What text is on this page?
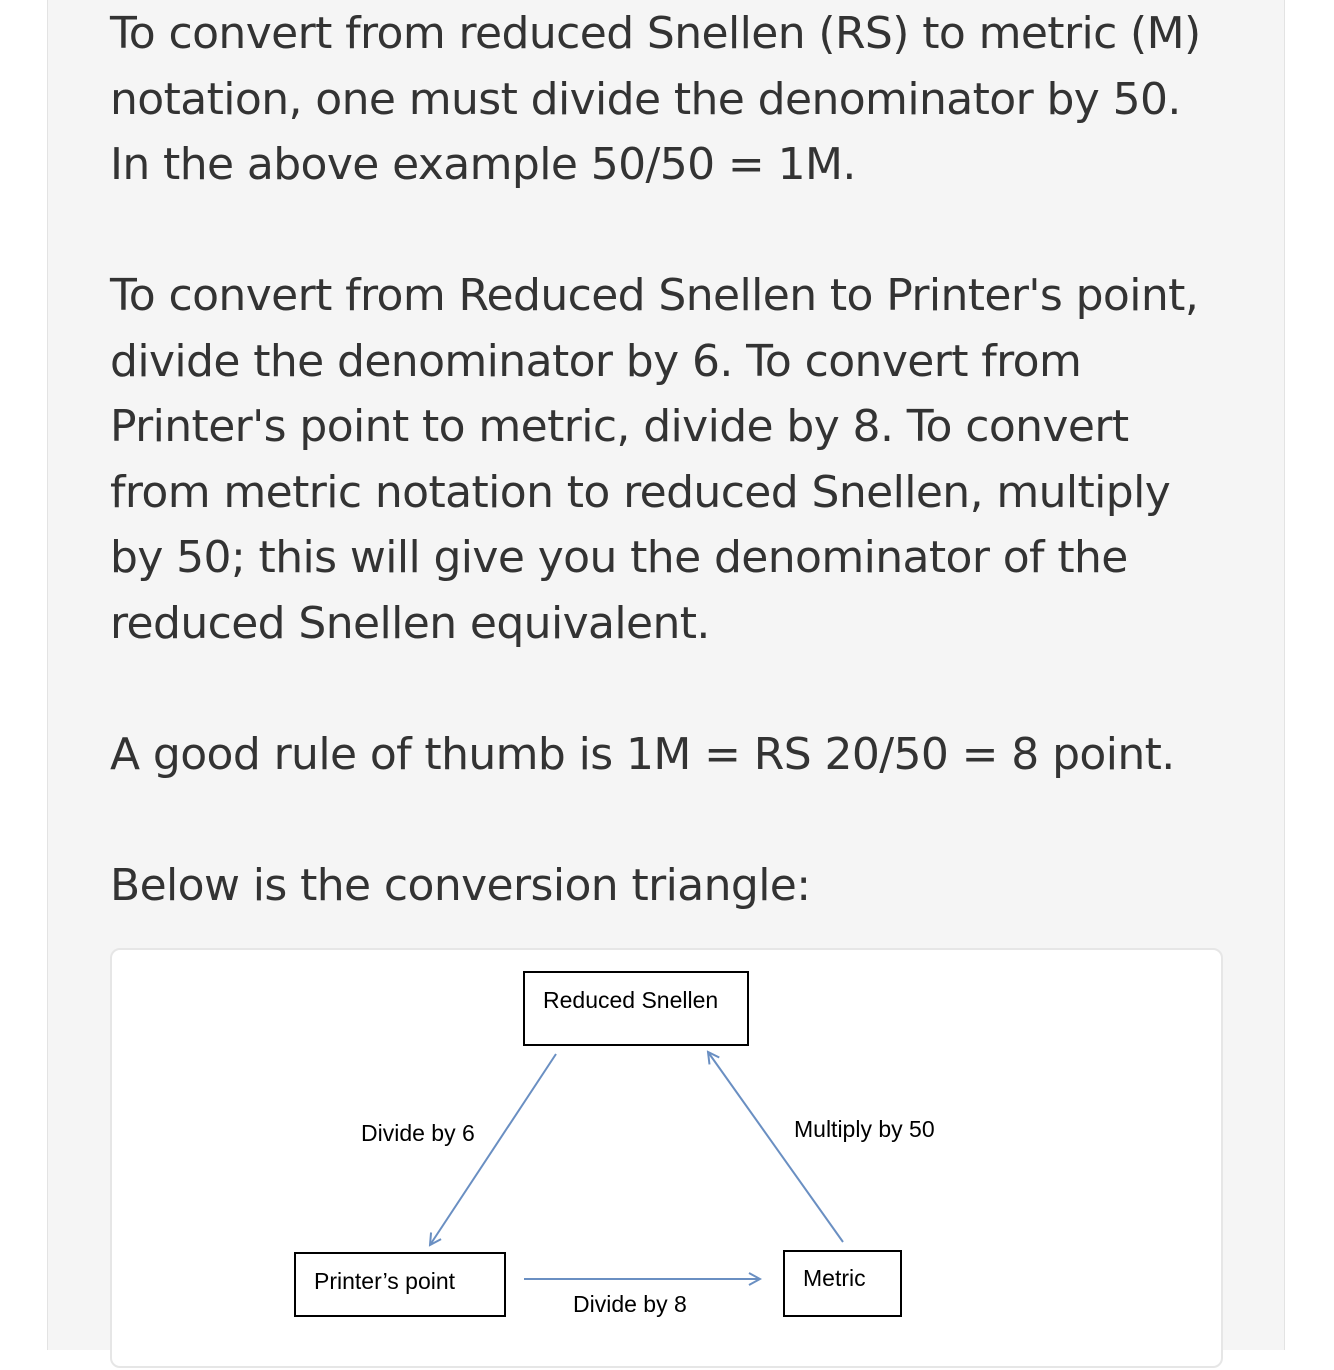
To convert from reduced Snellen (RS) to metric (M)
notation, one must divide the denominator by 50.
In the above example 50/50 = 1M.

To convert from Reduced Snellen to Printer's point,
divide the denominator by 6. To convert from
Printer's point to metric, divide by 8. To convert
from metric notation to reduced Snellen, multiply
by 50; this will give you the denominator of the
reduced Snellen equivalent.

A good rule of thumb is 1M = RS 20/50 = 8 point.

Below is the conversion triangle:

Reduced Snellen
Printer’s point	Metric
Divide by 6	Multiply by 50
Divide by 8
